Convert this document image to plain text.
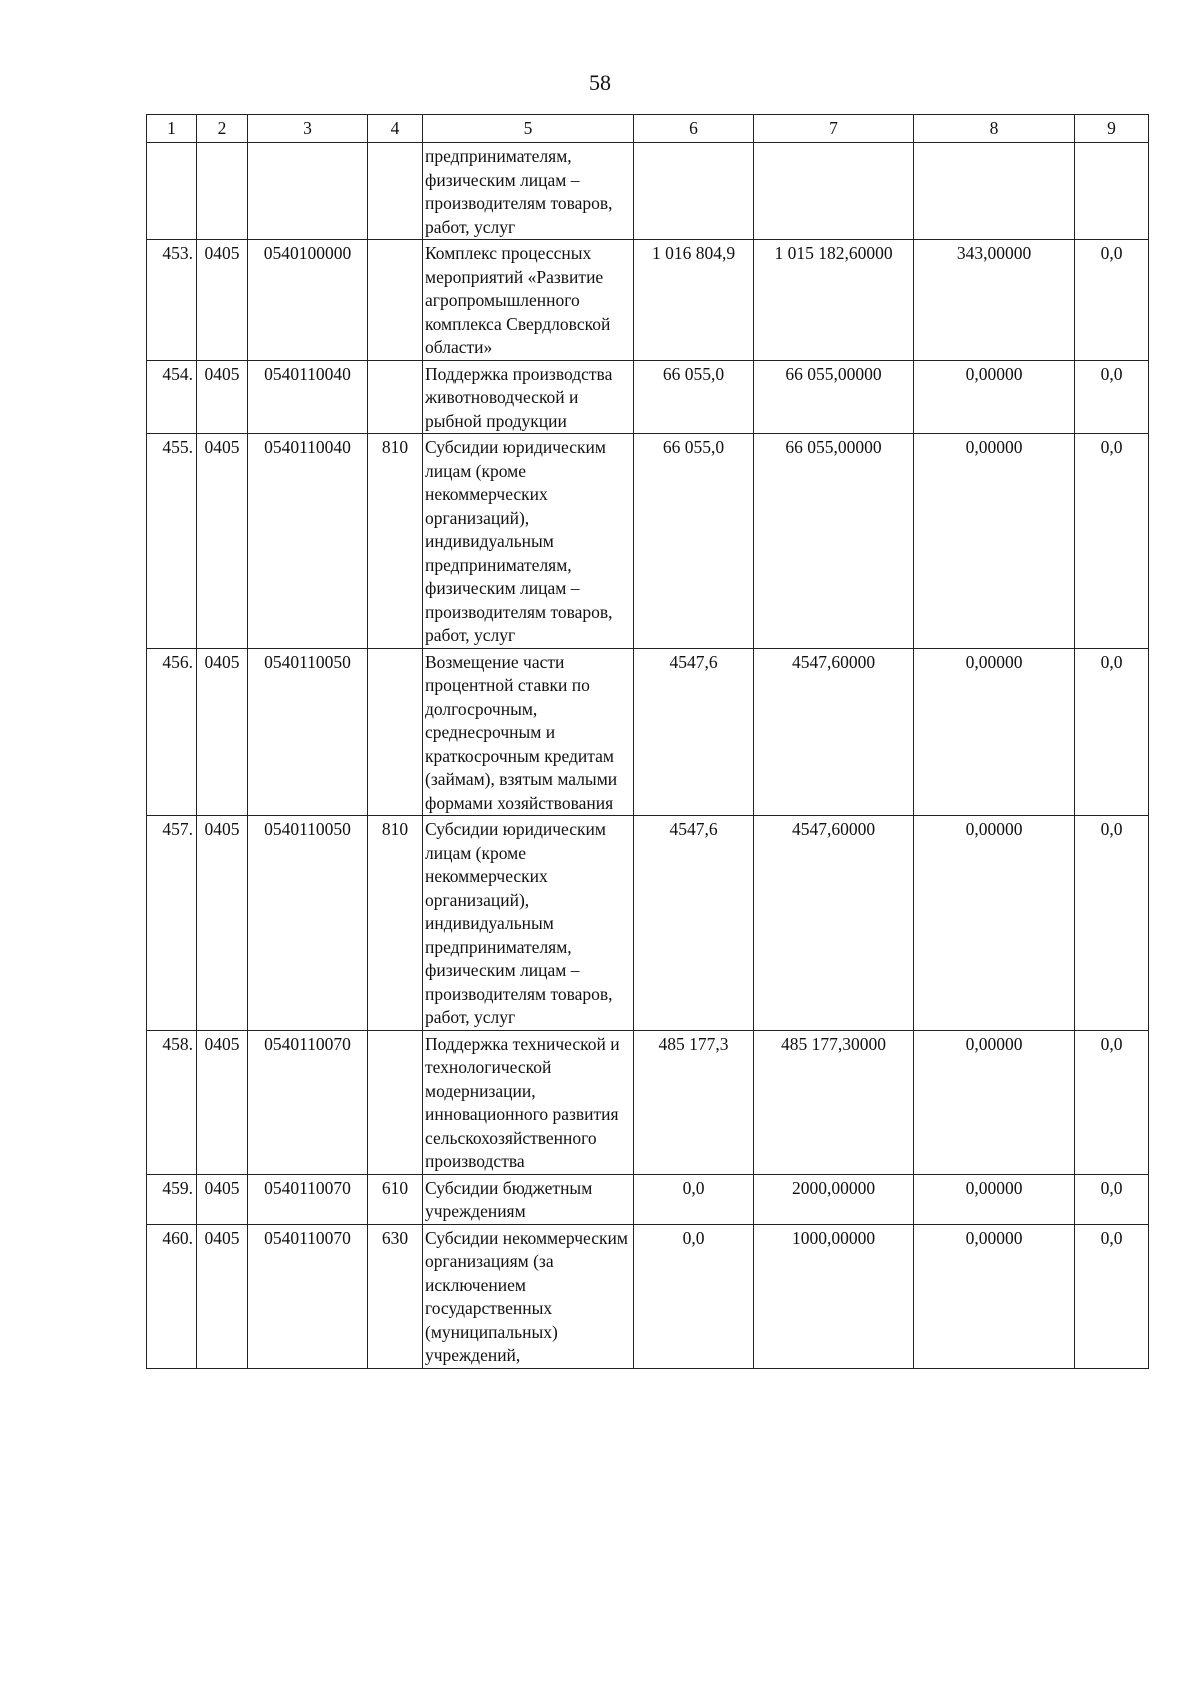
58
1	2	3	4	5	6	7	8	9
				предпринимателям, физическим лицам – производителям товаров, работ, услуг				
453.	0405	0540100000		Комплекс процессных мероприятий «Развитие агропромышленного комплекса Свердловской области»	1 016 804,9	1 015 182,60000	343,00000	0,0
454.	0405	0540110040		Поддержка производства животноводческой и рыбной продукции	66 055,0	66 055,00000	0,00000	0,0
455.	0405	0540110040	810	Субсидии юридическим лицам (кроме некоммерческих организаций), индивидуальным предпринимателям, физическим лицам – производителям товаров, работ, услуг	66 055,0	66 055,00000	0,00000	0,0
456.	0405	0540110050		Возмещение части процентной ставки по долгосрочным, среднесрочным и краткосрочным кредитам (займам), взятым малыми формами хозяйствования	4547,6	4547,60000	0,00000	0,0
457.	0405	0540110050	810	Субсидии юридическим лицам (кроме некоммерческих организаций), индивидуальным предпринимателям, физическим лицам – производителям товаров, работ, услуг	4547,6	4547,60000	0,00000	0,0
458.	0405	0540110070		Поддержка технической и технологической модернизации, инновационного развития сельскохозяйственного производства	485 177,3	485 177,30000	0,00000	0,0
459.	0405	0540110070	610	Субсидии бюджетным учреждениям	0,0	2000,00000	0,00000	0,0
460.	0405	0540110070	630	Субсидии некоммерческим организациям (за исключением государственных (муниципальных) учреждений,	0,0	1000,00000	0,00000	0,0
